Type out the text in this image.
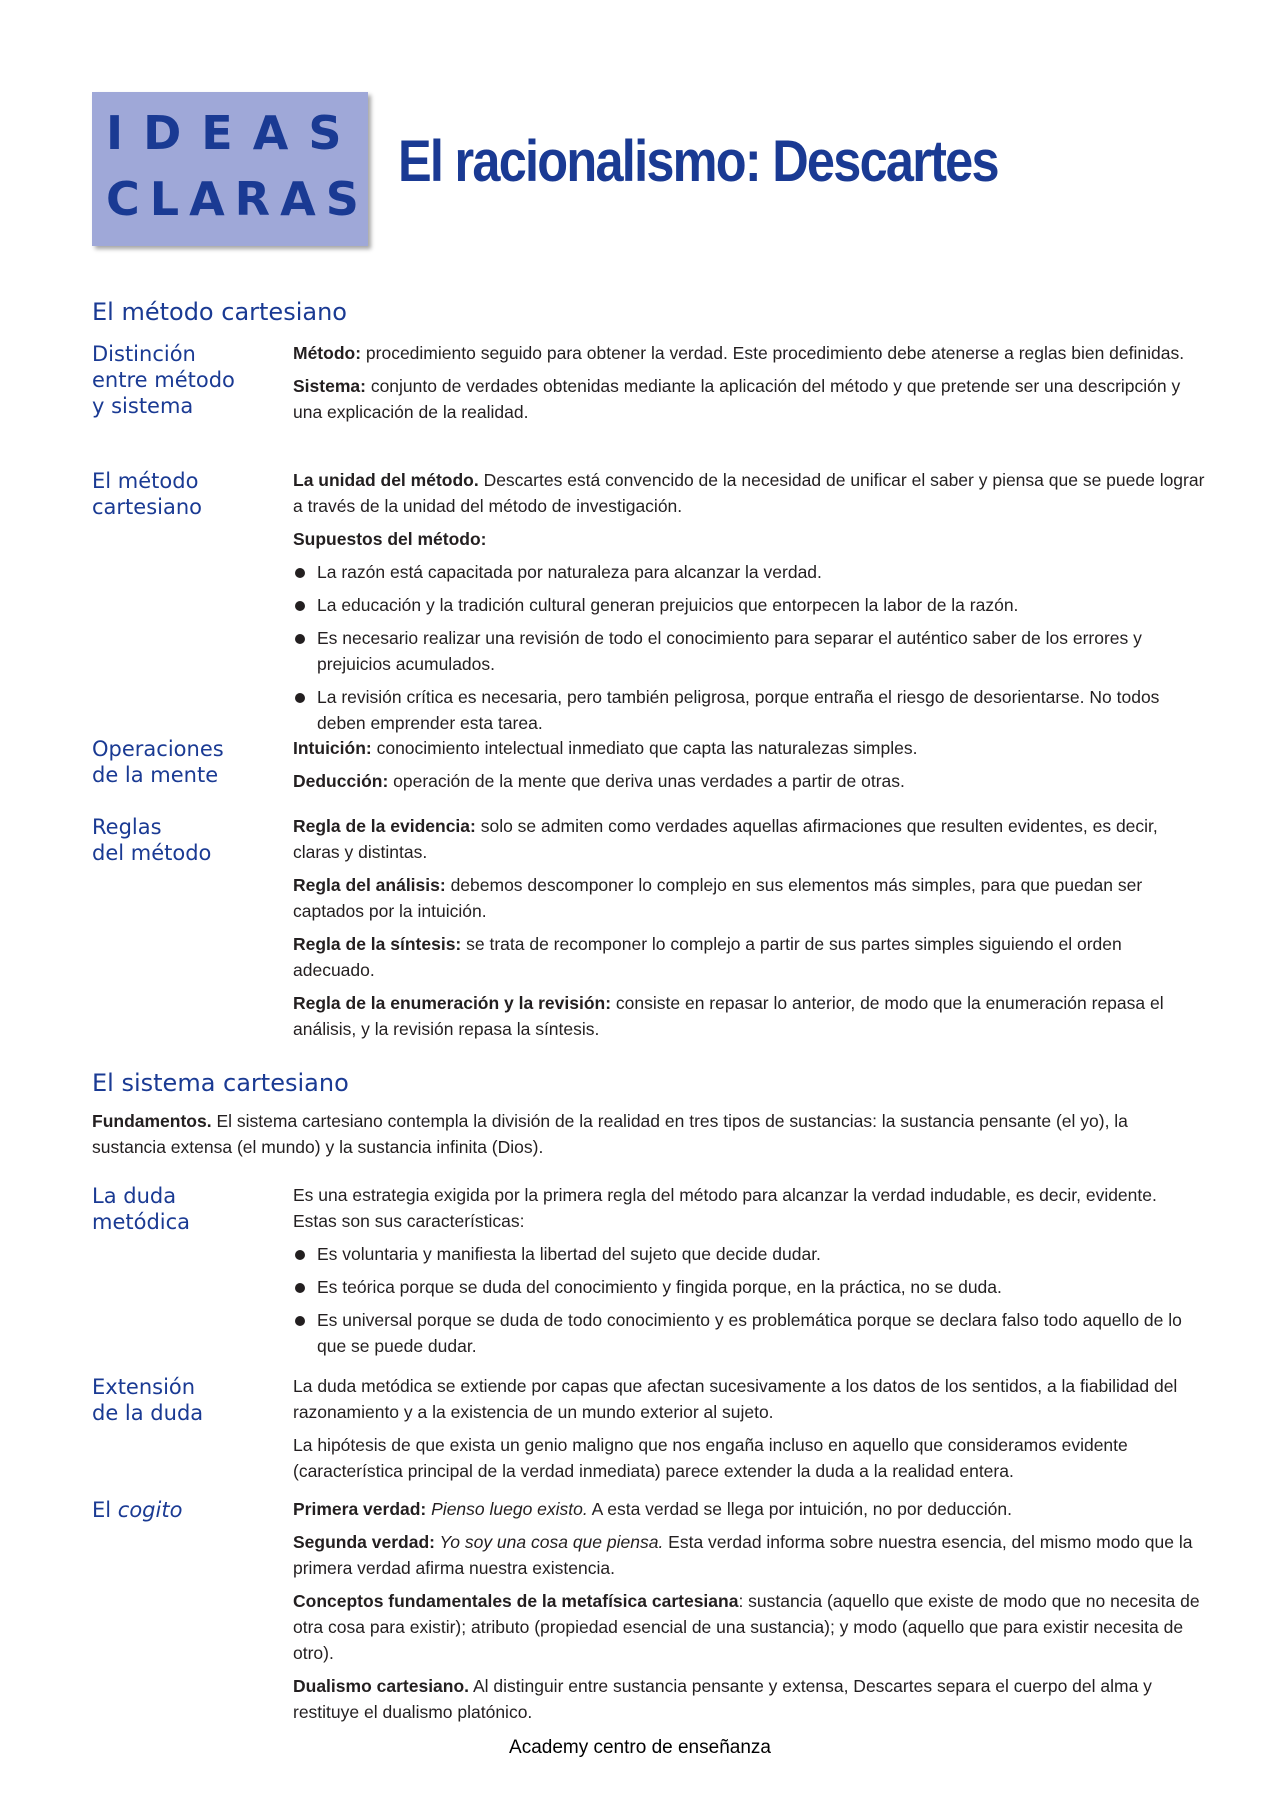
IDEAS
CLARAS
El racionalismo: Descartes
El método cartesiano
Distinción
entre método
y sistema

Método: procedimiento seguido para obtener la verdad. Este procedimiento debe atenerse a reglas bien definidas.

Sistema: conjunto de verdades obtenidas mediante la aplicación del método y que pretende ser una descripción y una explicación de la realidad.

El método
cartesiano

La unidad del método. Descartes está convencido de la necesidad de unificar el saber y piensa que se puede lograr a través de la unidad del método de investigación.

Supuestos del método:

La razón está capacitada por naturaleza para alcanzar la verdad.
La educación y la tradición cultural generan prejuicios que entorpecen la labor de la razón.
Es necesario realizar una revisión de todo el conocimiento para separar el auténtico saber de los errores y prejuicios acumulados.
La revisión crítica es necesaria, pero también peligrosa, porque entraña el riesgo de desorientarse. No todos deben emprender esta tarea.
Operaciones
de la mente

Intuición: conocimiento intelectual inmediato que capta las naturalezas simples.

Deducción: operación de la mente que deriva unas verdades a partir de otras.

Reglas
del método

Regla de la evidencia: solo se admiten como verdades aquellas afirmaciones que resulten evidentes, es decir, claras y distintas.

Regla del análisis: debemos descomponer lo complejo en sus elementos más simples, para que puedan ser captados por la intuición.

Regla de la síntesis: se trata de recomponer lo complejo a partir de sus partes simples siguiendo el orden adecuado.

Regla de la enumeración y la revisión: consiste en repasar lo anterior, de modo que la enumeración repasa el análisis, y la revisión repasa la síntesis.

El sistema cartesiano

Fundamentos. El sistema cartesiano contempla la división de la realidad en tres tipos de sustancias: la sustancia pensante (el yo), la sustancia extensa (el mundo) y la sustancia infinita (Dios).

La duda
metódica

Es una estrategia exigida por la primera regla del método para alcanzar la verdad indudable, es decir, evidente. Estas son sus características:

Es voluntaria y manifiesta la libertad del sujeto que decide dudar.
Es teórica porque se duda del conocimiento y fingida porque, en la práctica, no se duda.
Es universal porque se duda de todo conocimiento y es problemática porque se declara falso todo aquello de lo que se puede dudar.
Extensión
de la duda

La duda metódica se extiende por capas que afectan sucesivamente a los datos de los sentidos, a la fiabilidad del razonamiento y a la existencia de un mundo exterior al sujeto.

La hipótesis de que exista un genio maligno que nos engaña incluso en aquello que consideramos evidente (característica principal de la verdad inmediata) parece extender la duda a la realidad entera.

El cogito	Primera verdad: Pienso luego existo. A esta verdad se llega por intuición, no por deducción.

Segunda verdad: Yo soy una cosa que piensa. Esta verdad informa sobre nuestra esencia, del mismo modo que la primera verdad afirma nuestra existencia.

Conceptos fundamentales de la metafísica cartesiana: sustancia (aquello que existe de modo que no necesita de otra cosa para existir); atributo (propiedad esencial de una sustancia); y modo (aquello que para existir necesita de otro).

Dualismo cartesiano. Al distinguir entre sustancia pensante y extensa, Descartes separa el cuerpo del alma y restituye el dualismo platónico.

Academy centro de enseñanza
